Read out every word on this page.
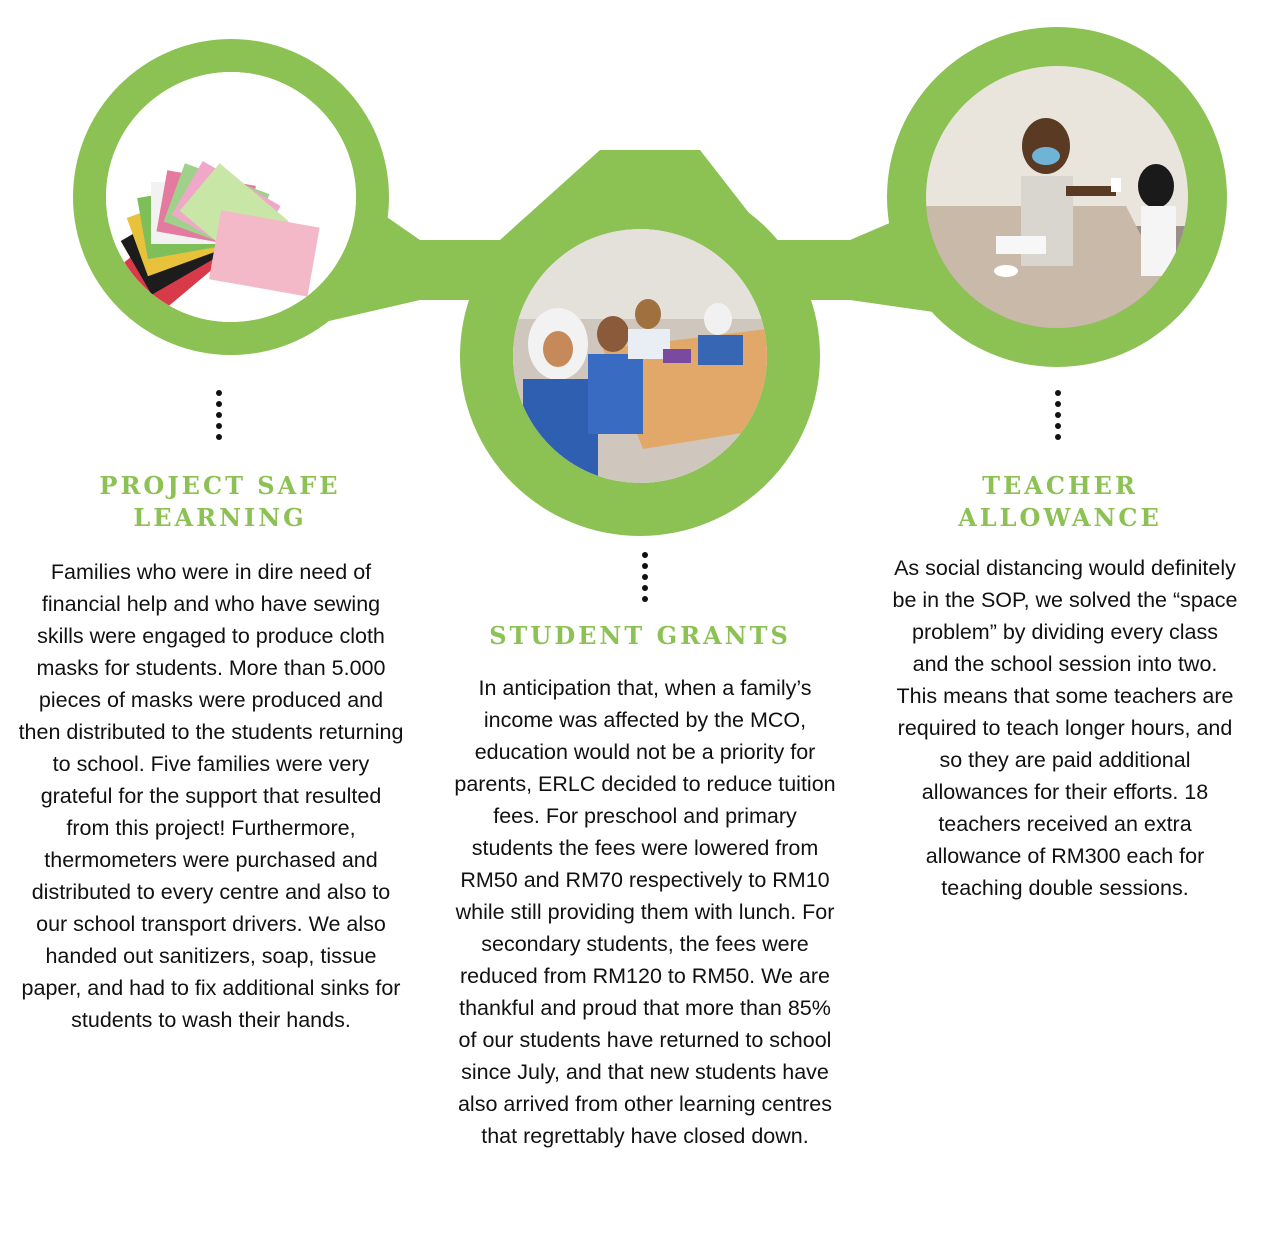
PROJECT SAFE LEARNING
STUDENT GRANTS
TEACHER ALLOWANCE

Families who were in dire need of financial help and who have sewing skills were engaged to produce cloth masks for students. More than 5.000 pieces of masks were produced and then distributed to the students returning to school. Five families were very grateful for the support that resulted from this project! Furthermore, thermometers were purchased and distributed to every centre and also to our school transport drivers. We also handed out sanitizers, soap, tissue paper, and had to fix additional sinks for students to wash their hands.

In anticipation that, when a family’s income was affected by the MCO, education would not be a priority for parents, ERLC decided to reduce tuition fees. For preschool and primary students the fees were lowered from RM50 and RM70 respectively to RM10 while still providing them with lunch. For secondary students, the fees were reduced from RM120 to RM50. We are thankful and proud that more than 85% of our students have returned to school since July, and that new students have also arrived from other learning centres that regrettably have closed down.

As social distancing would definitely be in the SOP, we solved the “space problem” by dividing every class and the school session into two. This means that some teachers are required to teach longer hours, and so they are paid additional allowances for their efforts. 18 teachers received an extra allowance of RM300 each for teaching double sessions.
